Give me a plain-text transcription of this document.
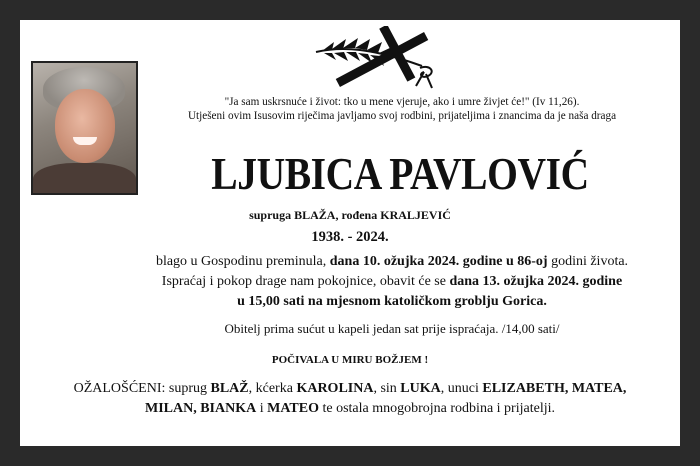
"Ja sam uskrsnuće i život: tko u mene vjeruje, ako i umre živjet će!" (Iv 11,26).
Utješeni ovim Isusovim riječima javljamo svoj rodbini, prijateljima i znancima da je naša draga
LJUBICA PAVLOVIĆ
supruga BLAŽA, rođena KRALJEVIĆ
1938. - 2024.
blago u Gospodinu preminula, dana 10. ožujka 2024. godine u 86-oj godini života.
Ispraćaj i pokop drage nam pokojnice, obavit će se dana 13. ožujka 2024. godine
u 15,00 sati na mjesnom katoličkom groblju Gorica.
Obitelj prima sućut u kapeli jedan sat prije ispraćaja. /14,00 sati/
POČIVALA U MIRU BOŽJEM !
OŽALOŠĆENI: suprug BLAŽ, kćerka KAROLINA, sin LUKA, unuci ELIZABETH, MATEA,
MILAN, BIANKA i MATEO te ostala mnogobrojna rodbina i prijatelji.
